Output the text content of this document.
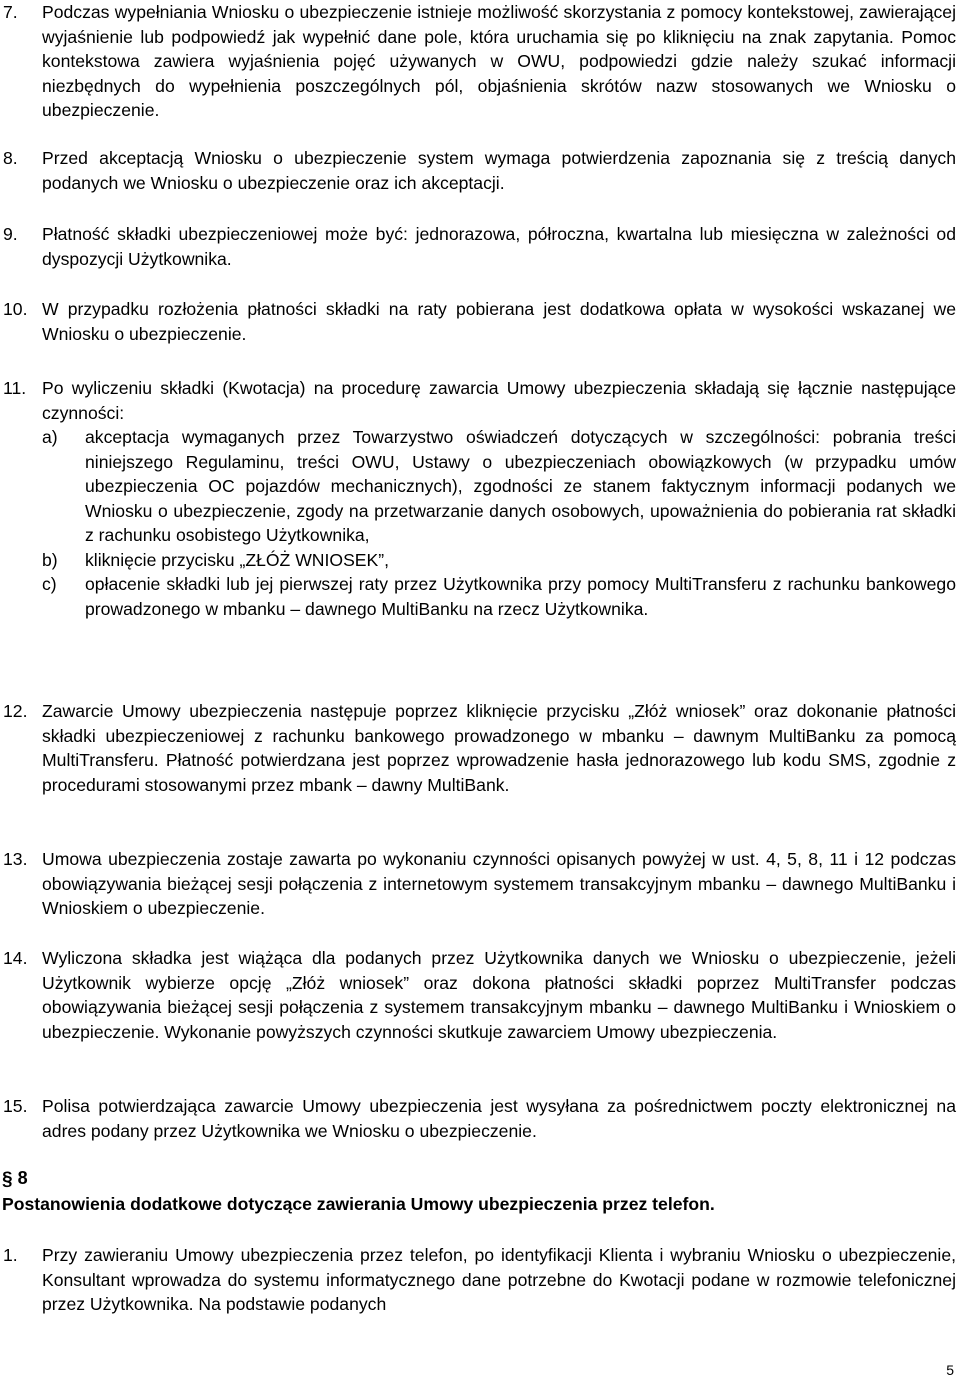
7. Podczas wypełniania Wniosku o ubezpieczenie istnieje możliwość skorzystania z pomocy kontekstowej, zawierającej wyjaśnienie lub podpowiedź jak wypełnić dane pole, która uruchamia się po kliknięciu na znak zapytania. Pomoc kontekstowa zawiera wyjaśnienia pojęć używanych w OWU, podpowiedzi gdzie należy szukać informacji niezbędnych do wypełnienia poszczególnych pól, objaśnienia skrótów nazw stosowanych we Wniosku o ubezpieczenie.
8. Przed akceptacją Wniosku o ubezpieczenie system wymaga potwierdzenia zapoznania się z treścią danych podanych we Wniosku o ubezpieczenie oraz ich akceptacji.
9. Płatność składki ubezpieczeniowej może być: jednorazowa, półroczna, kwartalna lub miesięczna w zależności od dyspozycji Użytkownika.
10. W przypadku rozłożenia płatności składki na raty pobierana jest dodatkowa opłata w wysokości wskazanej we Wniosku o ubezpieczenie.
11. Po wyliczeniu składki (Kwotacja) na procedurę zawarcia Umowy ubezpieczenia składają się łącznie następujące czynności:
a) akceptacja wymaganych przez Towarzystwo oświadczeń dotyczących w szczególności: pobrania treści niniejszego Regulaminu, treści OWU, Ustawy o ubezpieczeniach obowiązkowych (w przypadku umów ubezpieczenia OC pojazdów mechanicznych), zgodności ze stanem faktycznym informacji podanych we Wniosku o ubezpieczenie, zgody na przetwarzanie danych osobowych, upoważnienia do pobierania rat składki z rachunku osobistego Użytkownika,
b) kliknięcie przycisku „ZŁÓŻ WNIOSEK”,
c) opłacenie składki lub jej pierwszej raty przez Użytkownika przy pomocy MultiTransferu z rachunku bankowego prowadzonego w mbanku – dawnego MultiBanku na rzecz Użytkownika.
12. Zawarcie Umowy ubezpieczenia następuje poprzez kliknięcie przycisku „Złóż wniosek” oraz dokonanie płatności składki ubezpieczeniowej z rachunku bankowego prowadzonego w mbanku – dawnym MultiBanku za pomocą MultiTransferu. Płatność potwierdzana jest poprzez wprowadzenie hasła jednorazowego lub kodu SMS, zgodnie z procedurami stosowanymi przez mbank – dawny MultiBank.
13. Umowa ubezpieczenia zostaje zawarta po wykonaniu czynności opisanych powyżej w ust. 4, 5, 8, 11 i 12 podczas obowiązywania bieżącej sesji połączenia z internetowym systemem transakcyjnym mbanku – dawnego MultiBanku i Wnioskiem o ubezpieczenie.
14. Wyliczona składka jest wiążąca dla podanych przez Użytkownika danych we Wniosku o ubezpieczenie, jeżeli Użytkownik wybierze opcję „Złóż wniosek” oraz dokona płatności składki poprzez MultiTransfer podczas obowiązywania bieżącej sesji połączenia z systemem transakcyjnym mbanku – dawnego MultiBanku i Wnioskiem o ubezpieczenie. Wykonanie powyższych czynności skutkuje zawarciem Umowy ubezpieczenia.
15. Polisa potwierdzająca zawarcie Umowy ubezpieczenia jest wysyłana za pośrednictwem poczty elektronicznej na adres podany przez Użytkownika we Wniosku o ubezpieczenie.
§ 8
Postanowienia dodatkowe dotyczące zawierania Umowy ubezpieczenia przez telefon.
1. Przy zawieraniu Umowy ubezpieczenia przez telefon, po identyfikacji Klienta i wybraniu Wniosku o ubezpieczenie, Konsultant wprowadza do systemu informatycznego dane potrzebne do Kwotacji podane w rozmowie telefonicznej przez Użytkownika. Na podstawie podanych
5
